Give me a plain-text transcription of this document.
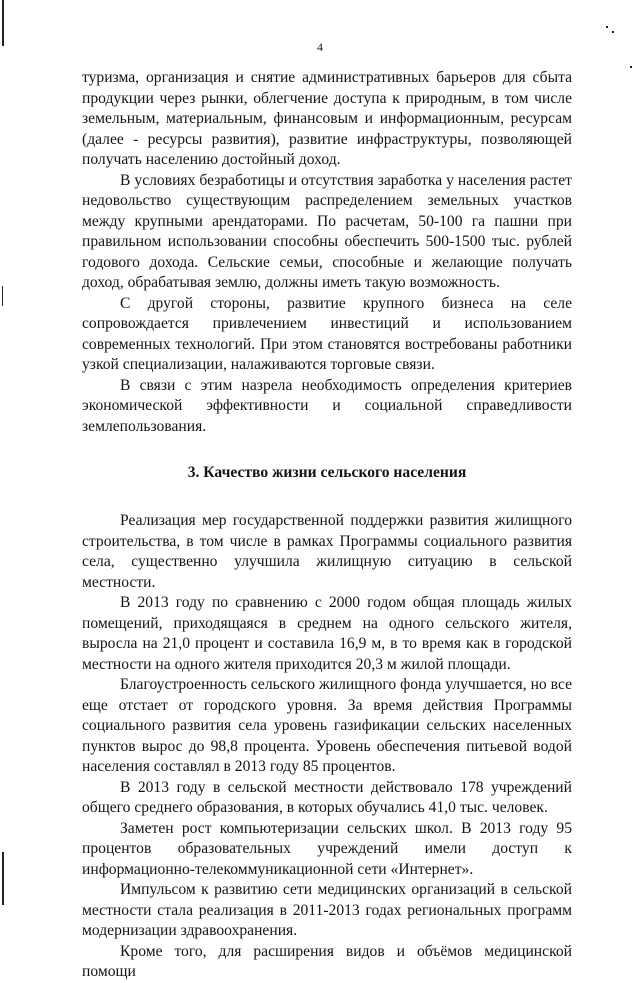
4

туризма, организация и снятие административных барьеров для сбыта продукции через рынки, облегчение доступа к природным, в том числе земельным, материальным, финансовым и информационным, ресурсам (далее - ресурсы развития), развитие инфраструктуры, позволяющей получать населению достойный доход.

В условиях безработицы и отсутствия заработка у населения растет недовольство существующим распределением земельных участков между крупными арендаторами. По расчетам, 50-100 га пашни при правильном использовании способны обеспечить 500-1500 тыс. рублей годового дохода. Сельские семьи, способные и желающие получать доход, обрабатывая землю, должны иметь такую возможность.

С другой стороны, развитие крупного бизнеса на селе сопровождается привлечением инвестиций и использованием современных технологий. При этом становятся востребованы работники узкой специализации, налаживаются торговые связи.

В связи с этим назрела необходимость определения критериев экономической эффективности и социальной справедливости землепользования.

3. Качество жизни сельского населения

Реализация мер государственной поддержки развития жилищного строительства, в том числе в рамках Программы социального развития села, существенно улучшила жилищную ситуацию в сельской местности.

В 2013 году по сравнению с 2000 годом общая площадь жилых помещений, приходящаяся в среднем на одного сельского жителя, выросла на 21,0 процент и составила 16,9 м, в то время как в городской местности на одного жителя приходится 20,3 м жилой площади.

Благоустроенность сельского жилищного фонда улучшается, но все еще отстает от городского уровня. За время действия Программы социального развития села уровень газификации сельских населенных пунктов вырос до 98,8 процента. Уровень обеспечения питьевой водой населения составлял в 2013 году 85 процентов.

В 2013 году в сельской местности действовало 178 учреждений общего среднего образования, в которых обучались 41,0 тыс. человек.

Заметен рост компьютеризации сельских школ. В 2013 году 95 процентов образовательных учреждений имели доступ к информационно-телекоммуникационной сети «Интернет».

Импульсом к развитию сети медицинских организаций в сельской местности стала реализация в 2011-2013 годах региональных программ модернизации здравоохранения.

Кроме того, для расширения видов и объёмов медицинской помощи
